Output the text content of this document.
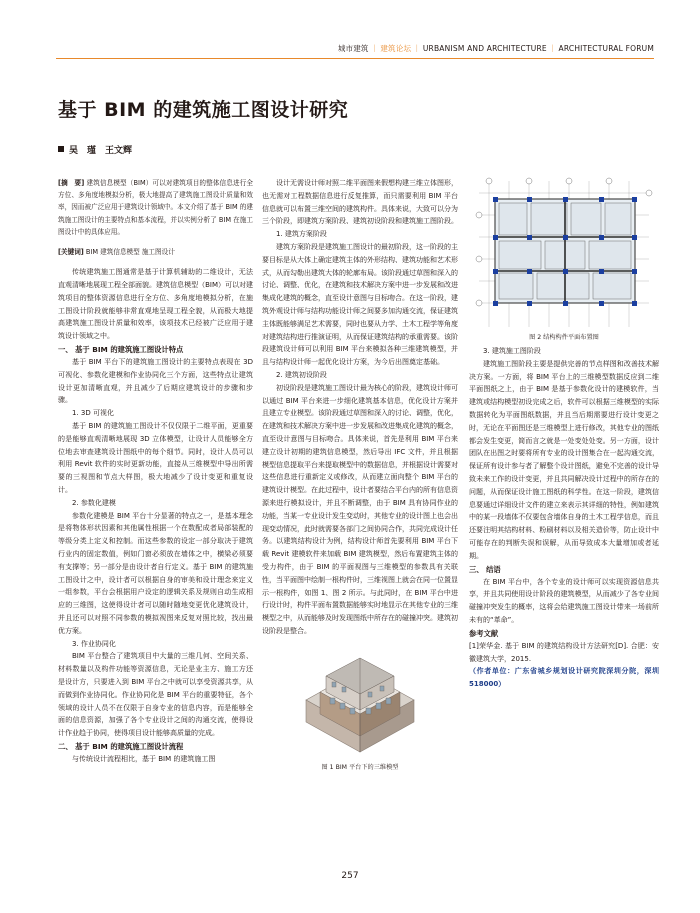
城市建筑 ｜ 建筑论坛 ｜ URBANISM AND ARCHITECTURE ｜ ARCHITECTURAL FORUM
基于 BIM 的建筑施工图设计研究
吴　瑾　王文辉

[摘　要] 建筑信息模型（BIM）可以对建筑项目的整体信息进行全方位、多角度地模拟分析，极大地提高了建筑施工图设计质量和效率，因而被广泛应用于建筑设计领域中。本文介绍了基于 BIM 的建筑施工图设计的主要特点和基本流程，并以实例分析了 BIM 在施工图设计中的具体应用。

[关键词] BIM 建筑信息模型 施工图设计

传统建筑施工图通常是基于计算机辅助的二维设计，无法直观清晰地展现工程全部面貌。建筑信息模型（BIM）可以对建筑项目的整体资源信息进行全方位、多角度地模拟分析，在施工图设计阶段就能够非常直观地呈现工程全貌，从而极大地提高建筑施工图设计质量和效率，该项技术已经被广泛应用于建筑设计领域之中。

一、 基于 BIM 的建筑施工图设计特点

基于 BIM 平台下的建筑施工图设计的主要特点表现在 3D 可视化、参数化建模和作业协同化三个方面，这些特点让建筑设计更加清晰直观，并且减少了后期应建筑设计的步骤和步骤。

1. 3D 可视化

基于 BIM 的建筑施工图设计不仅仅限于二维平面，更重要的是能够直观清晰地展现 3D 立体模型，让设计人员能够全方位地去审查建筑设计图纸中的每个细节。同时，设计人员可以利用 Revit 软件的实时更新功能，直接从三维模型中导出所需要的三视图和节点大样图，极大地减少了设计变更和重复设计。

2. 参数化建模

参数化建模是 BIM 平台十分显著的特点之一，是基本理念是将物体形状因素和其他属性根据一个在数配成者局部装配的等级分类上定义和控制。而这些参数的设定一部分取决于建筑行业内的固定数值，例如门窗必须放在墙体之中，横梁必须要有支撑等；另一部分是由设计者自行定义。基于 BIM 的建筑施工图设计之中，设计者可以根据自身的审美和设计理念来定义一组参数，平台会根据用户设定的逻辑关系及规则自动生成相应的三维图，这使得设计者可以随时随地变更优化建筑设计，并且还可以对照不同参数的模拟视图来反复对照比较，找出最优方案。

3. 作业协同化

BIM 平台整合了建筑项目中大量的三维几何、空间关系、材料数量以及构件功能等资源信息，无论是业主方、施工方还是设计方，只要进入到 BIM 平台之中就可以享受资源共享，从而做到作业协同化。作业协同化是 BIM 平台的重要特征，各个领域的设计人员不在仅限于自身专业的信息内容，而是能够全面的信息资源，加强了各个专业设计之间的沟通交流，使得设计作业趋于协同，使得项目设计能够高质量的完成。

二、 基于 BIM 的建筑施工图设计流程

与传统设计流程相比，基于 BIM 的建筑施工图

设计无需设计师对照二维平面图来假想构建三维立体图形，也无需对工程数据信息进行反复推算，而只需要利用 BIM 平台信息就可以布置三维空间的建筑构件。具体来说，大致可以分为三个阶段，即建筑方案阶段、建筑初设阶段和建筑施工图阶段。

1. 建筑方案阶段

建筑方案阶段是建筑施工图设计的最初阶段，这一阶段的主要目标是从大体上确定建筑主体的外形结构、建筑功能和艺术形式，从而勾勒出建筑大体的轮廓布局。该阶段通过草图和深入的讨论、调整、优化，在建筑和技术解决方案中进一步发展和改进集成化建筑的概念，直至设计意图与目标吻合。在这一阶段，建筑外观设计师与结构功能设计师之间要多加沟通交流，保证建筑主体既能够满足艺术需要，同时也要从力学、土木工程学等角度对建筑结构进行推演证明，从而保证建筑结构的承重需要。该阶段建筑设计师可以利用 BIM 平台来模拟各种三维建筑模型，并且与结构设计师一起优化设计方案，为今后出图奠定基础。

2. 建筑初设阶段

初设阶段是建筑施工图设计最为核心的阶段，建筑设计师可以通过 BIM 平台来进一步细化建筑基本信息，优化设计方案并且建立专业模型。该阶段通过草图和深入的讨论、调整，优化，在建筑和技术解决方案中进一步发展和改进集成化建筑的概念，直至设计意图与目标吻合。具体来说，首先是利用 BIM 平台来建立设计初期的建筑信息模型，然后导出 IFC 文件，并且根据模型信息提取平台来提取模型中的数据信息，并根据设计需要对这些信息进行重新定义或修改，从而建立面向整个 BIM 平台的建筑设计模型。在此过程中，设计者要结合平台内的所有信息资源来进行模拟设计，并且不断调整，由于 BIM 具有协同作业的功能，当某一专业设计发生变动时，其他专业的设计图上也会出现变动情况，此时就需要各部门之间协同合作，共同完成设计任务。以建筑结构设计为例，结构设计师首先要利用 BIM 平台下载 Revit 建模软件来加载 BIM 建筑模型，然后布置建筑主体的受力构件，由于 BIM 的平面视图与三维模型的参数具有关联性，当平面图中绘制一根构件时，三维视图上就会在同一位置显示一根构件，如图 1、图 2 所示。与此同时，在 BIM 平台中进行设计时，构件平面布置数据能够实时地显示在其他专业的三维模型之中，从而能够及时发现图纸中所存在的碰撞冲突。建筑初设阶段是整合。

图 1 BIM 平台下的三维模型
图 2 结构构件平面布置图

3. 建筑施工图阶段

建筑施工图阶段主要是提供完善的节点样图和改善技术解决方案。一方面，将 BIM 平台上的三维模型数据反应到二维平面图纸之上，由于 BIM 是基于参数化设计的建模软件，当建筑或结构模型初设完成之后，软件可以根据三维模型的实际数据转化为平面图纸数据，并且当后期需要进行设计变更之时，无论在平面图还是三维模型上进行修改，其他专业的图纸都会发生变更，简而言之就是一处变处处变。另一方面，设计团队在出图之时要将所有专业的设计图集合在一起沟通交流，保证所有设计参与者了解整个设计图纸，避免不完善的设计导致未来工作的设计变更，并且共同解决设计过程中的所存在的问题，从而保证设计施工图纸的科学性。在这一阶段，建筑信息要通过详细设计文件的建立来表示其详细的特性，例如建筑中的某一段墙体不仅要包含墙体自身的土木工程学信息，而且还要注明其结构材料、粉刷材料以及相关造价等，防止设计中可能存在的判断失误和误解，从而导致成本大量增加或者延期。

三、 结语

在 BIM 平台中，各个专业的设计师可以实现资源信息共享，并且共同使用设计阶段的建筑模型，从而减少了各专业间碰撞冲突发生的概率，这将会给建筑施工图设计带来一场前所未有的“革命”。

参考文献

[1]荣华金. 基于 BIM 的建筑结构设计方法研究[D]. 合肥：安徽建筑大学，2015.

（作者单位：广东省城乡规划设计研究院深圳分院，深圳 518000）

257
